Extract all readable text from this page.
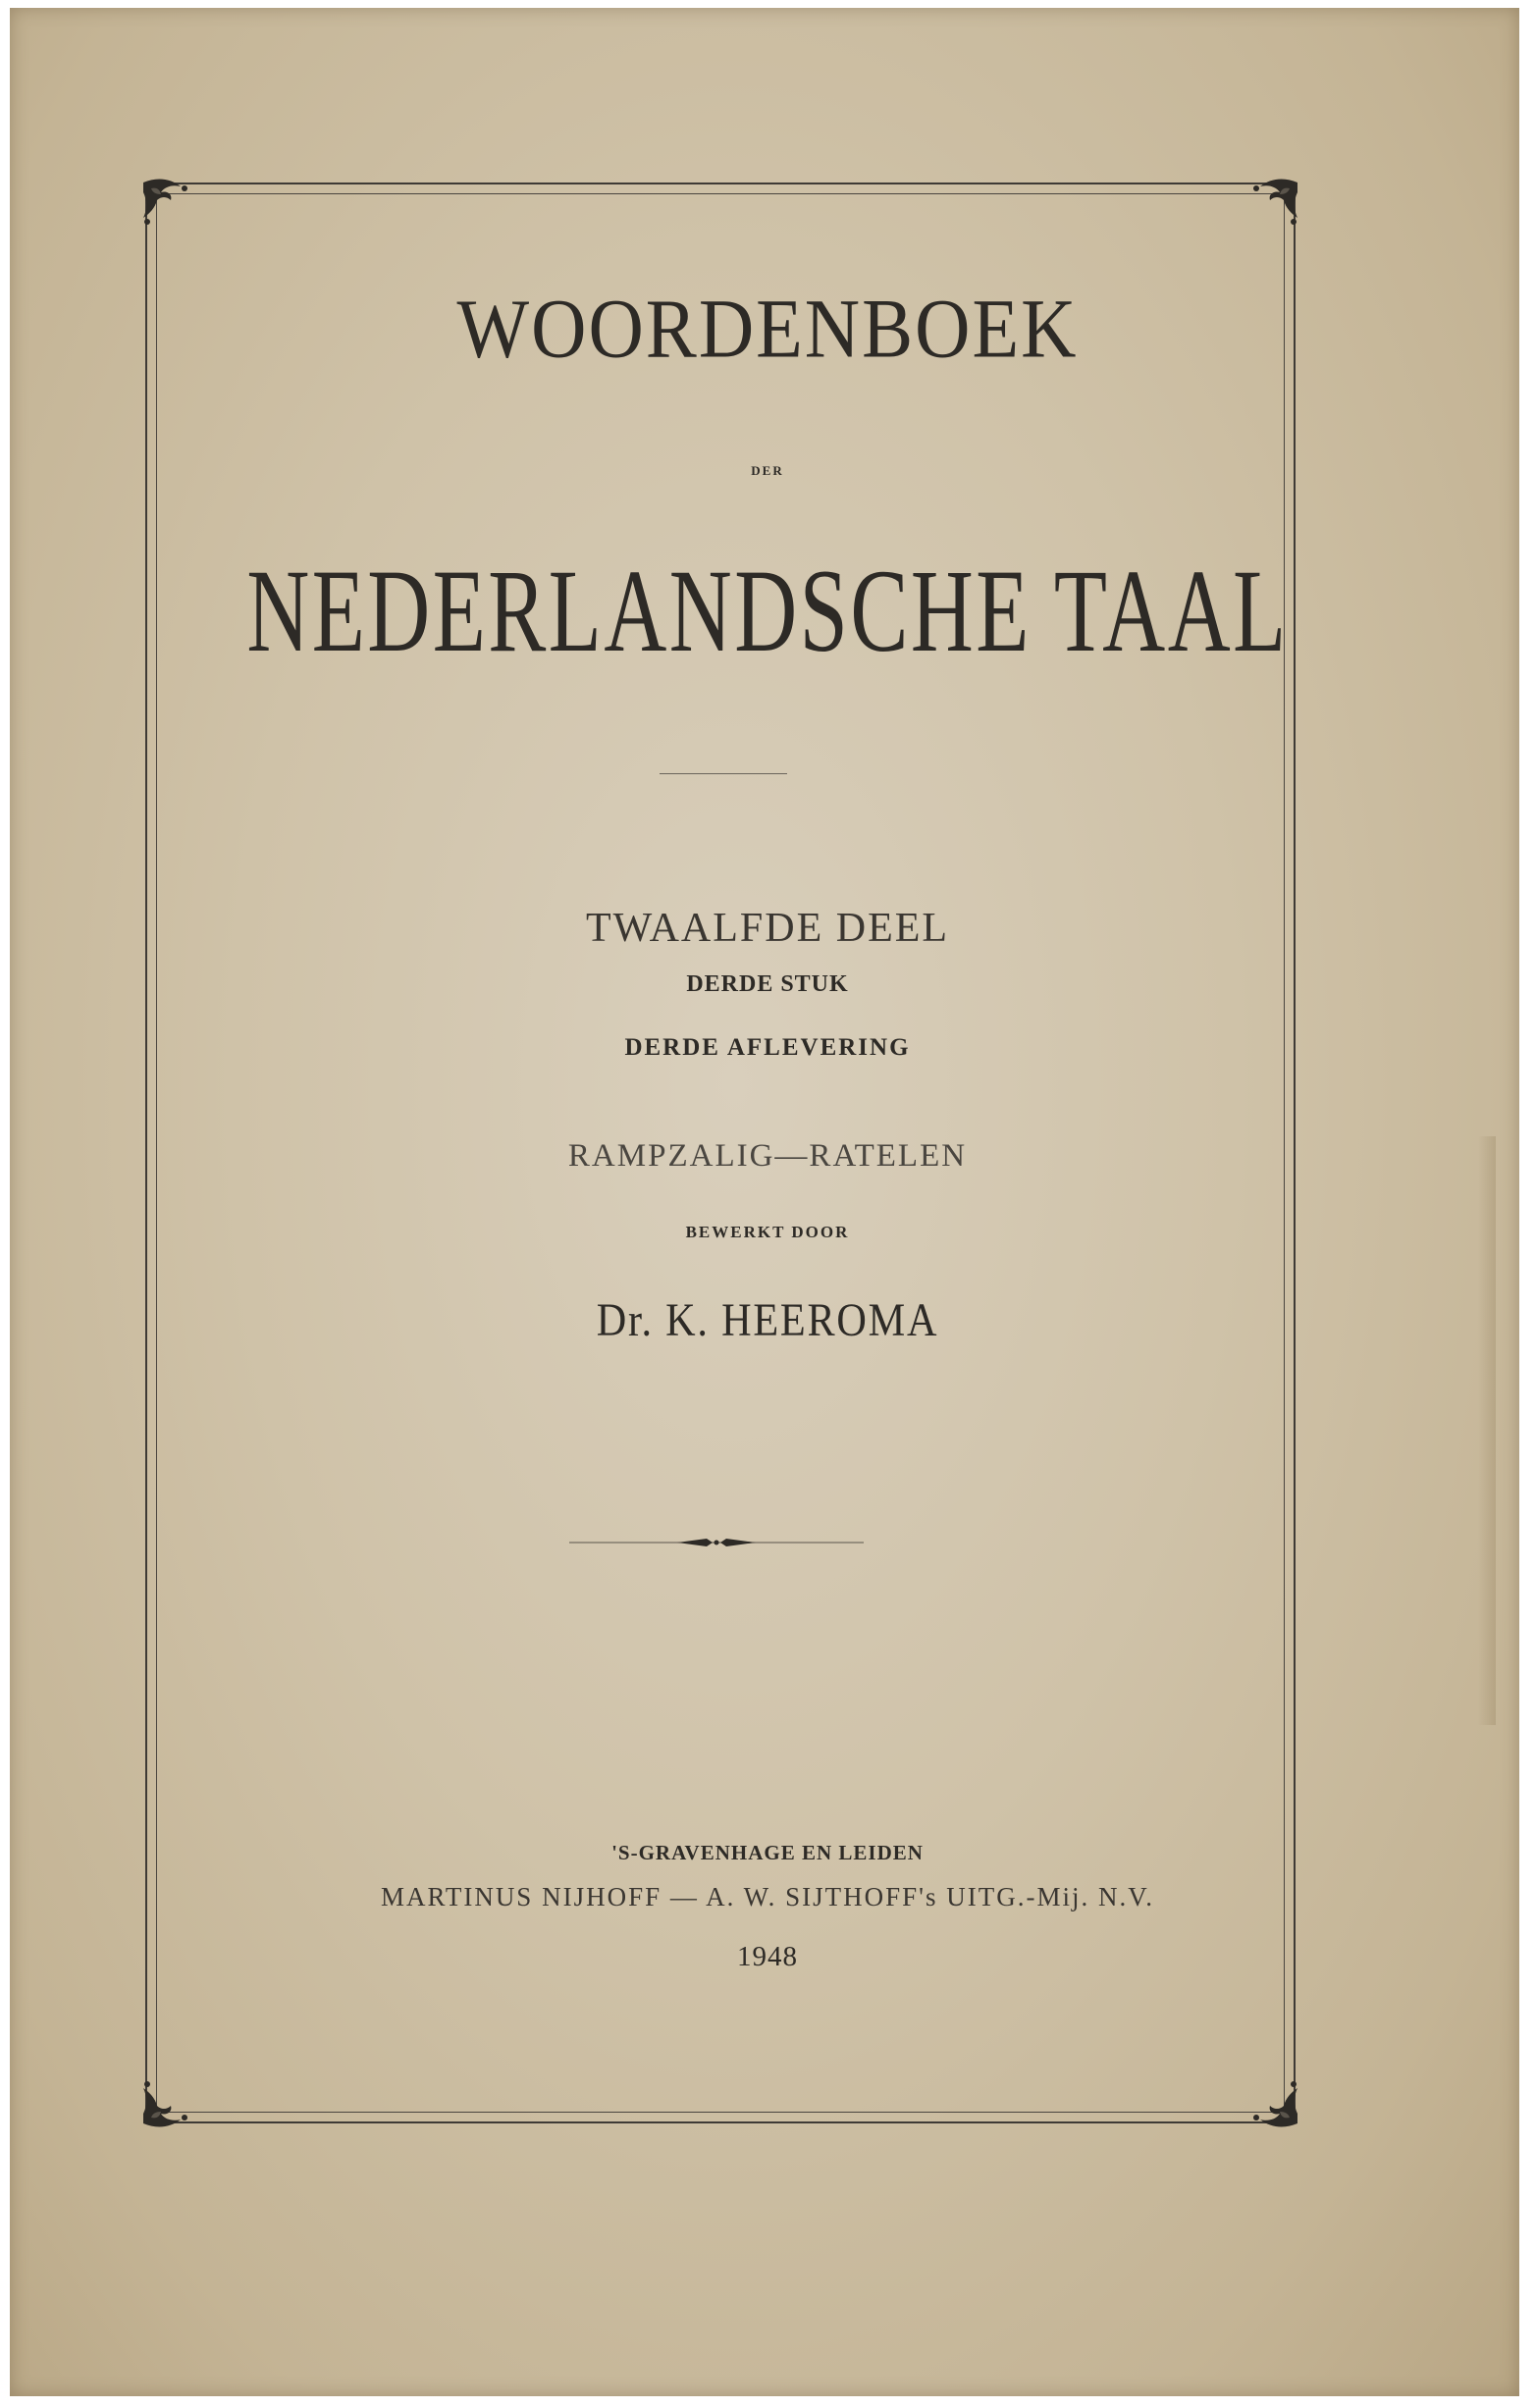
WOORDENBOEK
DER
NEDERLANDSCHE TAAL
TWAALFDE DEEL
DERDE STUK
DERDE AFLEVERING
RAMPZALIG—RATELEN
BEWERKT DOOR
Dr. K. HEEROMA
'S-GRAVENHAGE EN LEIDEN
MARTINUS NIJHOFF — A. W. SIJTHOFF's UITG.-Mij. N.V.
1948
